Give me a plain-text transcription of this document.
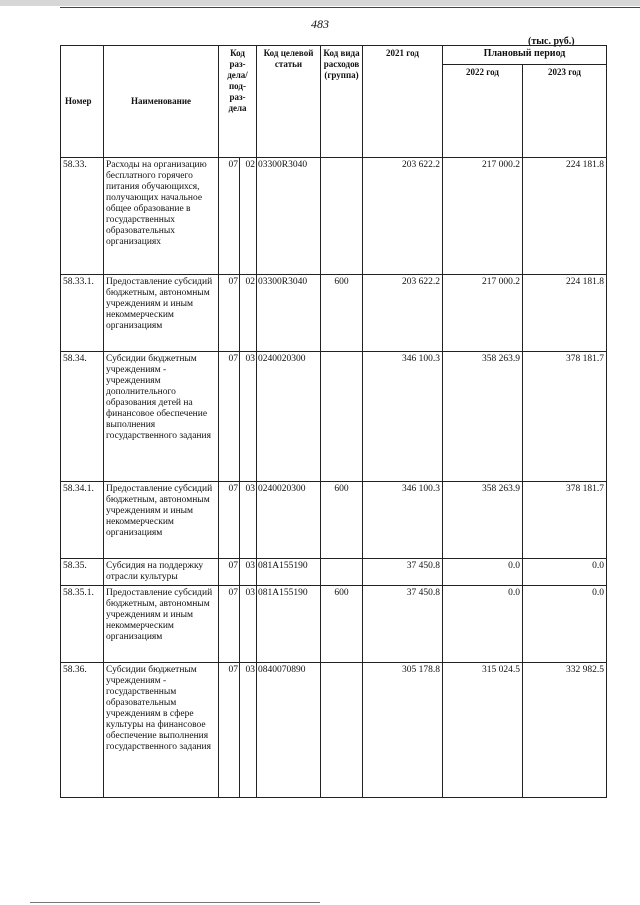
483
(тыс. руб.)
Номер	Наименование	Код раз-дела/ под-раз-дела		Код целевой статьи	Код вида расходов (группа)	2021 год	Плановый период	
							2022 год	2023 год
58.33.	Расходы на организацию бесплатного горячего питания обучающихся, получающих начальное общее образование в государственных образовательных организациях	07	02	03300R3040		203 622.2	217 000.2	224 181.8
58.33.1.	Предоставление субсидий бюджетным, автономным учреждениям и иным некоммерческим организациям	07	02	03300R3040	600	203 622.2	217 000.2	224 181.8
58.34.	Субсидии бюджетным учреждениям - учреждениям дополнительного образования детей на финансовое обеспечение выполнения государственного задания	07	03	0240020300		346 100.3	358 263.9	378 181.7
58.34.1.	Предоставление субсидий бюджетным, автономным учреждениям и иным некоммерческим организациям	07	03	0240020300	600	346 100.3	358 263.9	378 181.7
58.35.	Субсидия на поддержку отрасли культуры	07	03	081A155190		37 450.8	0.0	0.0
58.35.1.	Предоставление субсидий бюджетным, автономным учреждениям и иным некоммерческим организациям	07	03	081A155190	600	37 450.8	0.0	0.0
58.36.	Субсидии бюджетным учреждениям - государственным образовательным учреждениям в сфере культуры на финансовое обеспечение выполнения государственного задания	07	03	0840070890		305 178.8	315 024.5	332 982.5
